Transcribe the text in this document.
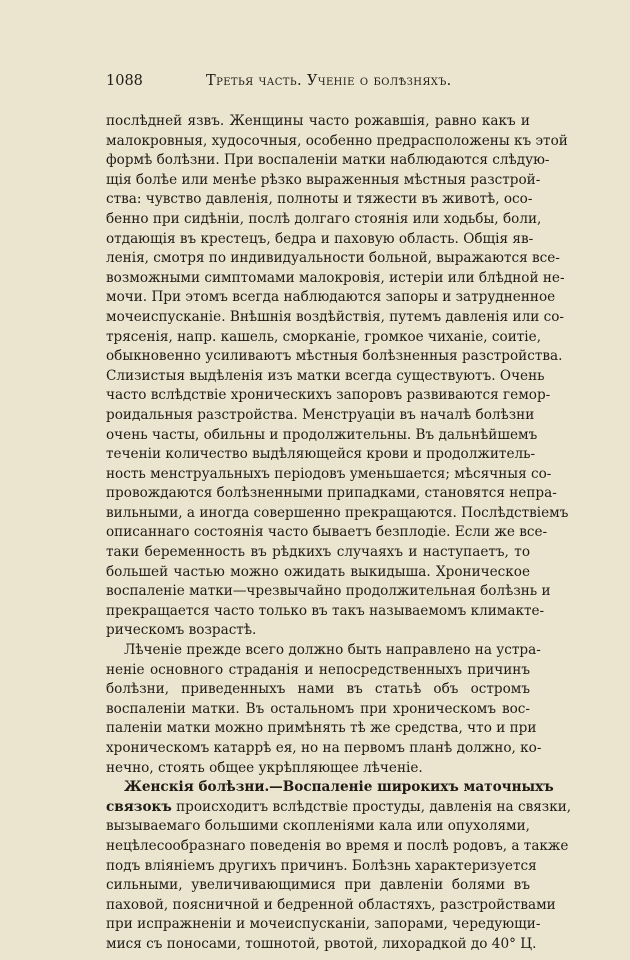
1088	Третья часть. Ученіе о болѣзняхъ.
послѣдней язвъ. Женщины часто рожавшія, равно какъ и
малокровныя, худосочныя, особенно предрасположены къ этой
формѣ болѣзни. При воспаленіи матки наблюдаются слѣдую-
щія болѣе или менѣе рѣзко выраженныя мѣстныя разстрой-
ства: чувство давленія, полноты и тяжести въ животѣ, осо-
бенно при сидѣніи, послѣ долгаго стоянія или ходьбы, боли,
отдающія въ крестецъ, бедра и паховую область. Общія яв-
ленія, смотря по индивидуальности больной, выражаются все-
возможными симптомами малокровія, истеріи или блѣдной не-
мочи. При этомъ всегда наблюдаются запоры и затрудненное
мочеиспусканіе. Внѣшнія воздѣйствія, путемъ давленія или со-
трясенія, напр. кашель, сморканіе, громкое чиханіе, соитіе,
обыкновенно усиливаютъ мѣстныя болѣзненныя разстройства.
Слизистыя выдѣленія изъ матки всегда существуютъ. Очень
часто вслѣдствіе хроническихъ запоровъ развиваются гемор-
роидальныя разстройства. Менструаціи въ началѣ болѣзни
очень часты, обильны и продолжительны. Въ дальнѣйшемъ
теченіи количество выдѣляющейся крови и продолжитель-
ность менструальныхъ періодовъ уменьшается; мѣсячныя со-
провождаются болѣзненными припадками, становятся непра-
вильными, а иногда совершенно прекращаются. Послѣдствіемъ
описаннаго состоянія часто бываетъ безплодіе. Если же все-
таки беременность въ рѣдкихъ случаяхъ и наступаетъ, то
большей частью можно ожидать выкидыша. Хроническое
воспаленіе матки—чрезвычайно продолжительная болѣзнь и
прекращается часто только въ такъ называемомъ климакте-
рическомъ возрастѣ.
Лѣченіе прежде всего должно быть направлено на устра-
неніе основного страданія и непосредственныхъ причинъ
болѣзни, приведенныхъ нами въ статьѣ объ остромъ
воспаленіи матки. Въ остальномъ при хроническомъ вос-
паленіи матки можно примѣнять тѣ же средства, что и при
хроническомъ катаррѣ ея, но на первомъ планѣ должно, ко-
нечно, стоять общее укрѣпляющее лѣченіе.
Женскія болѣзни.—Воспаленіе широкихъ маточныхъ
связокъ происходитъ вслѣдствіе простуды, давленія на связки,
вызываемаго большими скопленіями кала или опухолями,
нецѣлесообразнаго поведенія во время и послѣ родовъ, а также
подъ вліяніемъ другихъ причинъ. Болѣзнь характеризуется
сильными, увеличивающимися при давленіи болями въ
паховой, поясничной и бедренной областяхъ, разстройствами
при испражненіи и мочеиспусканіи, запорами, чередующи-
мися съ поносами, тошнотой, рвотой, лихорадкой до 40° Ц.
